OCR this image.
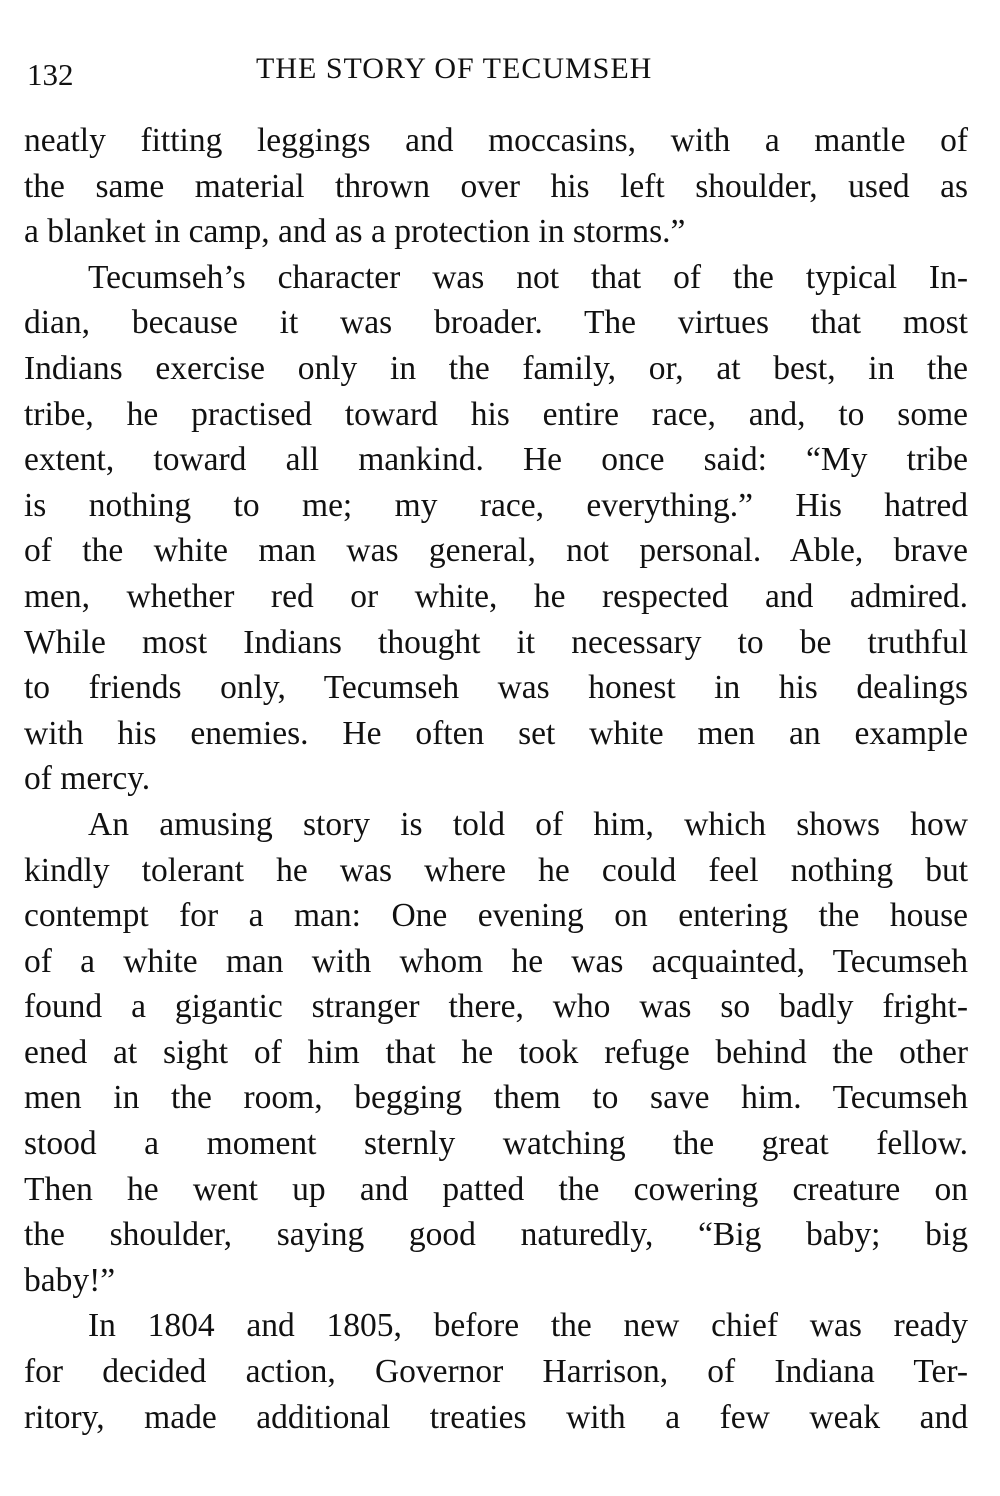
132	THE STORY OF TECUMSEH
neatly fitting leggings and moccasins, with a mantle of
the same material thrown over his left shoulder, used as
a blanket in camp, and as a protection in storms.”
Tecumseh’s character was not that of the typical In-
dian, because it was broader. The virtues that most
Indians exercise only in the family, or, at best, in the
tribe, he practised toward his entire race, and, to some
extent, toward all mankind. He once said: “My tribe
is nothing to me; my race, everything.” His hatred
of the white man was general, not personal. Able, brave
men, whether red or white, he respected and admired.
While most Indians thought it necessary to be truthful
to friends only, Tecumseh was honest in his dealings
with his enemies. He often set white men an example
of mercy.
An amusing story is told of him, which shows how
kindly tolerant he was where he could feel nothing but
contempt for a man: One evening on entering the house
of a white man with whom he was acquainted, Tecumseh
found a gigantic stranger there, who was so badly fright-
ened at sight of him that he took refuge behind the other
men in the room, begging them to save him. Tecumseh
stood a moment sternly watching the great fellow.
Then he went up and patted the cowering creature on
the shoulder, saying good naturedly, “Big baby; big
baby!”
In 1804 and 1805, before the new chief was ready
for decided action, Governor Harrison, of Indiana Ter-
ritory, made additional treaties with a few weak and
